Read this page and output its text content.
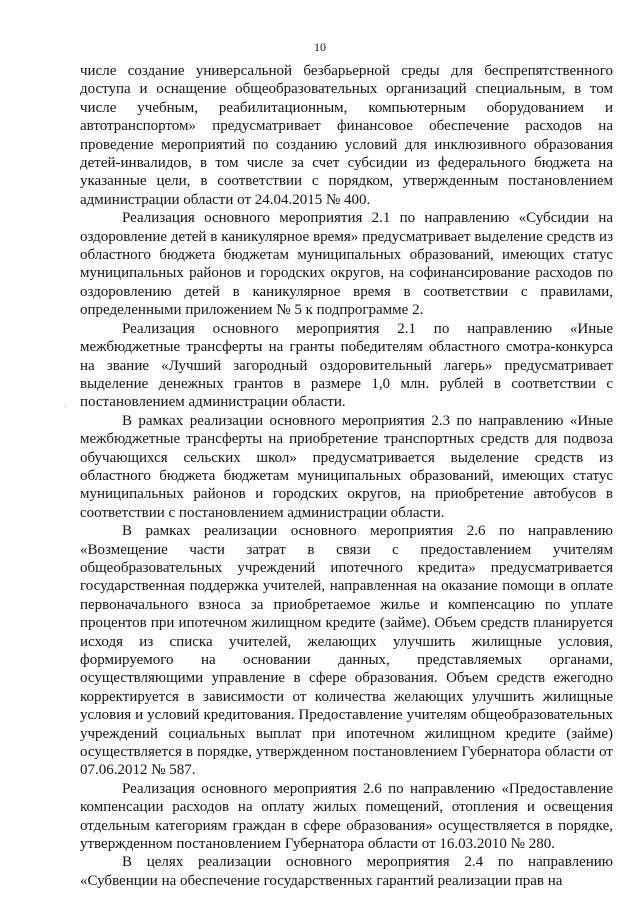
10
·

числе создание универсальной безбарьерной среды для беспрепятственного доступа и оснащение общеобразовательных организаций специальным, в том числе учебным, реабилитационным, компьютерным оборудованием и автотранспортом» предусматривает финансовое обеспечение расходов на проведение мероприятий по созданию условий для инклюзивного образования детей-инвалидов, в том числе за счет субсидии из федерального бюджета на указанные цели, в соответствии с порядком, утвержденным постановлением администрации области от 24.04.2015 № 400.

Реализация основного мероприятия 2.1 по направлению «Субсидии на оздоровление детей в каникулярное время» предусматривает выделение средств из областного бюджета бюджетам муниципальных образований, имеющих статус муниципальных районов и городских округов, на софинансирование расходов по оздоровлению детей в каникулярное время в соответствии с правилами, определенными приложением № 5 к подпрограмме 2.

Реализация основного мероприятия 2.1 по направлению «Иные межбюджетные трансферты на гранты победителям областного смотра-конкурса на звание «Лучший загородный оздоровительный лагерь» предусматривает выделение денежных грантов в размере 1,0 млн. рублей в соответствии с постановлением администрации области.

В рамках реализации основного мероприятия 2.3 по направлению «Иные межбюджетные трансферты на приобретение транспортных средств для подвоза обучающихся сельских школ» предусматривается выделение средств из областного бюджета бюджетам муниципальных образований, имеющих статус муниципальных районов и городских округов, на приобретение автобусов в соответствии с постановлением администрации области.

В рамках реализации основного мероприятия 2.6 по направлению «Возмещение части затрат в связи с предоставлением учителям общеобразовательных учреждений ипотечного кредита» предусматривается государственная поддержка учителей, направленная на оказание помощи в оплате первоначального взноса за приобретаемое жилье и компенсацию по уплате процентов при ипотечном жилищном кредите (займе). Объем средств планируется исходя из списка учителей, желающих улучшить жилищные условия, формируемого на основании данных, представляемых органами, осуществляющими управление в сфере образования. Объем средств ежегодно корректируется в зависимости от количества желающих улучшить жилищные условия и условий кредитования. Предоставление учителям общеобразовательных учреждений социальных выплат при ипотечном жилищном кредите (займе) осуществляется в порядке, утвержденном постановлением Губернатора области от 07.06.2012 № 587.

Реализация основного мероприятия 2.6 по направлению «Предоставление компенсации расходов на оплату жилых помещений, отопления и освещения отдельным категориям граждан в сфере образования» осуществляется в порядке, утвержденном постановлением Губернатора области от 16.03.2010 № 280.

В целях реализации основного мероприятия 2.4 по направлению «Субвенции на обеспечение государственных гарантий реализации прав на
